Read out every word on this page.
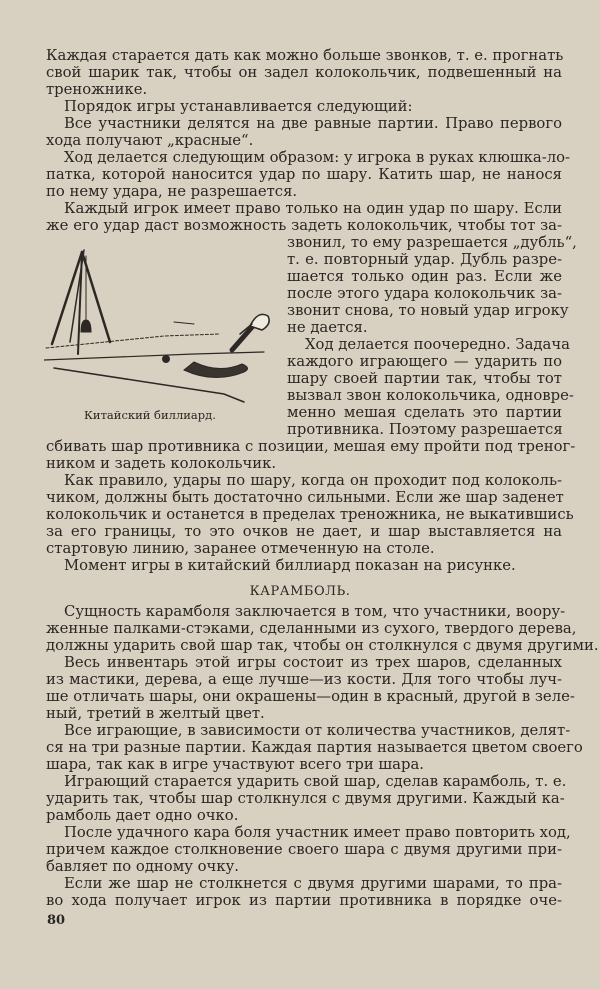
Каждая старается дать как можно больше звонков, т. е. прогнать
свой шарик так, чтобы он задел колокольчик, подвешенный на
треножнике.
Порядок игры устанавливается следующий:
Все участники делятся на две равные партии. Право первого
хода получают „красные“.
Ход делается следующим образом: у игрока в руках клюшка-ло-
патка, которой наносится удар по шару. Катить шар, не нанося
по нему удара, не разрешается.
Каждый игрок имеет право только на один удар по шару. Если
же его удар даст возможность задеть колокольчик, чтобы тот за-
Китайский биллиард.
звонил, то ему разрешается „дубль“,
т. е. повторный удар. Дубль разре-
шается только один раз. Если же
после этого удара колокольчик за-
звонит снова, то новый удар игроку
не дается.
Ход делается поочередно. Задача
каждого играющего — ударить по
шару своей партии так, чтобы тот
вызвал звон колокольчика, одновре-
менно мешая сделать это партии
противника. Поэтому разрешается
сбивать шар противника с позиции, мешая ему пройти под треног-
ником и задеть колокольчик.
Как правило, удары по шару, когда он проходит под колоколь-
чиком, должны быть достаточно сильными. Если же шар заденет
колокольчик и останется в пределах треножника, не выкатившись
за его границы, то это очков не дает, и шар выставляется на
стартовую линию, заранее отмеченную на столе.
Момент игры в китайский биллиард показан на рисунке.
КАРАМБОЛЬ.
Сущность карамболя заключается в том, что участники, воору-
женные палками-стэками, сделанными из сухого, твердого дерева,
должны ударить свой шар так, чтобы он столкнулся с двумя другими.
Весь инвентарь этой игры состоит из трех шаров, сделанных
из мастики, дерева, а еще лучше—из кости. Для того чтобы луч-
ше отличать шары, они окрашены—один в красный, другой в зеле-
ный, третий в желтый цвет.
Все играющие, в зависимости от количества участников, делят-
ся на три разные партии. Каждая партия называется цветом своего
шара, так как в игре участвуют всего три шара.
Играющий старается ударить свой шар, сделав карамболь, т. е.
ударить так, чтобы шар столкнулся с двумя другими. Каждый ка-
рамболь дает одно очко.
После удачного кара боля участник имеет право повторить ход,
причем каждое столкновение своего шара с двумя другими при-
бавляет по одному очку.
Если же шар не столкнется с двумя другими шарами, то пра-
во хода получает игрок из партии противника в порядке оче-
80
